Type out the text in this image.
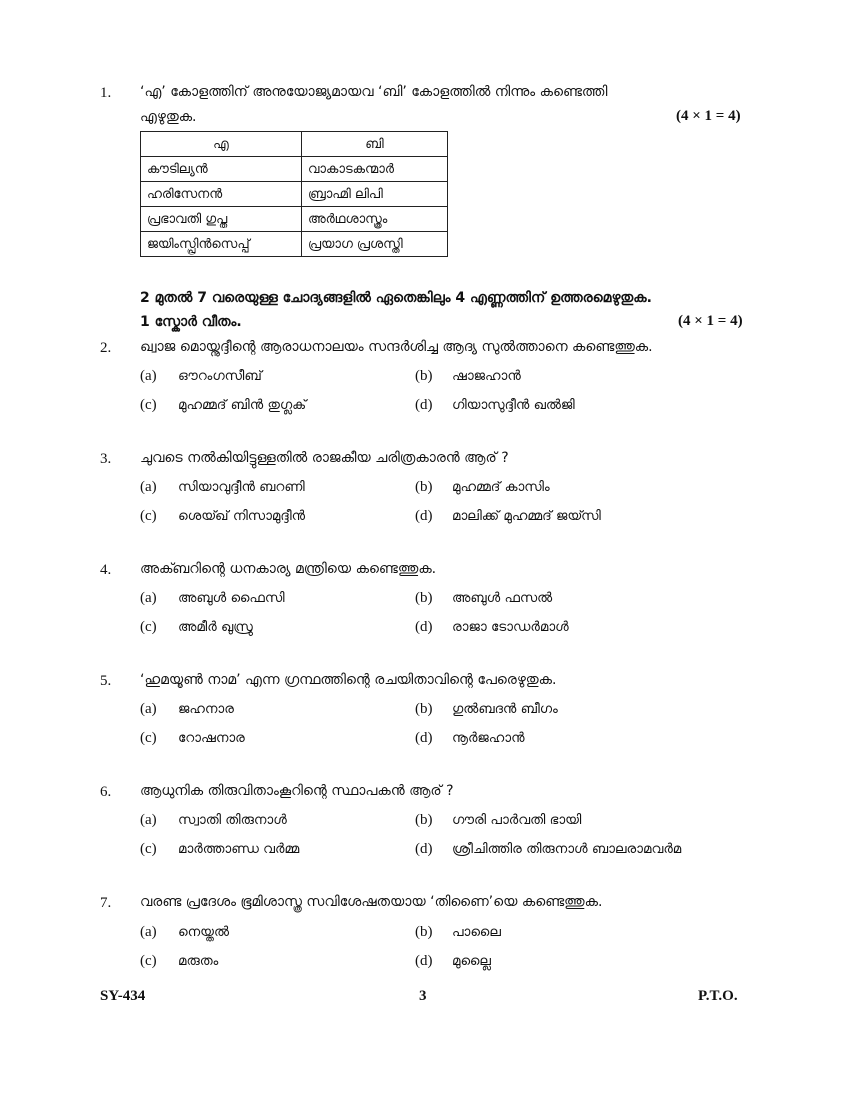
1. ‘എ’ കോളത്തിന് അനുയോജ്യമായവ ‘ബി’ കോളത്തിൽ നിന്നും കണ്ടെത്തി
എഴുതുക.	(4 × 1 = 4)
എ	ബി
കൗടില്യൻ	വാകാടകന്മാർ
ഹരിസേനൻ	ബ്രാഹ്മി ലിപി
പ്രഭാവതി ഗുപ്ത	അർഥശാസ്ത്രം
ജയിംസ്പ്രിൻസെപ്പ്	പ്രയാഗ പ്രശസ്തി
2 മുതൽ 7 വരെയുള്ള ചോദ്യങ്ങളിൽ ഏതെങ്കിലും 4 എണ്ണത്തിന് ഉത്തരമെഴുതുക.
1 സ്കോർ വീതം.	(4 × 1 = 4)
2. ഖ്വാജ മൊയ്നുദ്ദീന്റെ ആരാധനാലയം സന്ദർശിച്ച ആദ്യ സുൽത്താനെ കണ്ടെത്തുക.
(a) ഔറംഗസീബ്	(b) ഷാജഹാൻ
(c) മുഹമ്മദ് ബിൻ തുഗ്ലക്	(d) ഗിയാസുദ്ദീൻ ഖൽജി
3. ചുവടെ നൽകിയിട്ടുള്ളതിൽ രാജകീയ ചരിത്രകാരൻ ആര് ?
(a) സിയാവുദ്ദീൻ ബറണി	(b) മുഹമ്മദ് കാസിം
(c) ശെയ്ഖ് നിസാമുദ്ദീൻ	(d) മാലിക്ക് മുഹമ്മദ് ജയ്സി
4. അക്ബറിന്റെ ധനകാര്യ മന്ത്രിയെ കണ്ടെത്തുക.
(a) അബുൾ ഫൈസി	(b) അബുൾ ഫസൽ
(c) അമീർ ഖുസ്രു	(d) രാജാ ടോഡർമാൾ
5. ‘ഹുമയൂൺ നാമ’ എന്ന ഗ്രന്ഥത്തിന്റെ രചയിതാവിന്റെ പേരെഴുതുക.
(a) ജഹനാര	(b) ഗുൽബദൻ ബീഗം
(c) റോഷനാര	(d) നൂർജഹാൻ
6. ആധുനിക തിരുവിതാംകൂറിന്റെ സ്ഥാപകൻ ആര് ?
(a) സ്വാതി തിരുനാൾ	(b) ഗൗരി പാർവതി ഭായി
(c) മാർത്താണ്ഡ വർമ്മ	(d) ശ്രീചിത്തിര തിരുനാൾ ബാലരാമവർമ
7. വരണ്ട പ്രദേശം ഭൂമിശാസ്ത്ര സവിശേഷതയായ ‘തിണൈ’യെ കണ്ടെത്തുക.
(a) നെയ്തൽ	(b) പാലൈ
(c) മരുതം	(d) മുല്ലൈ
SY-434	3	P.T.O.
